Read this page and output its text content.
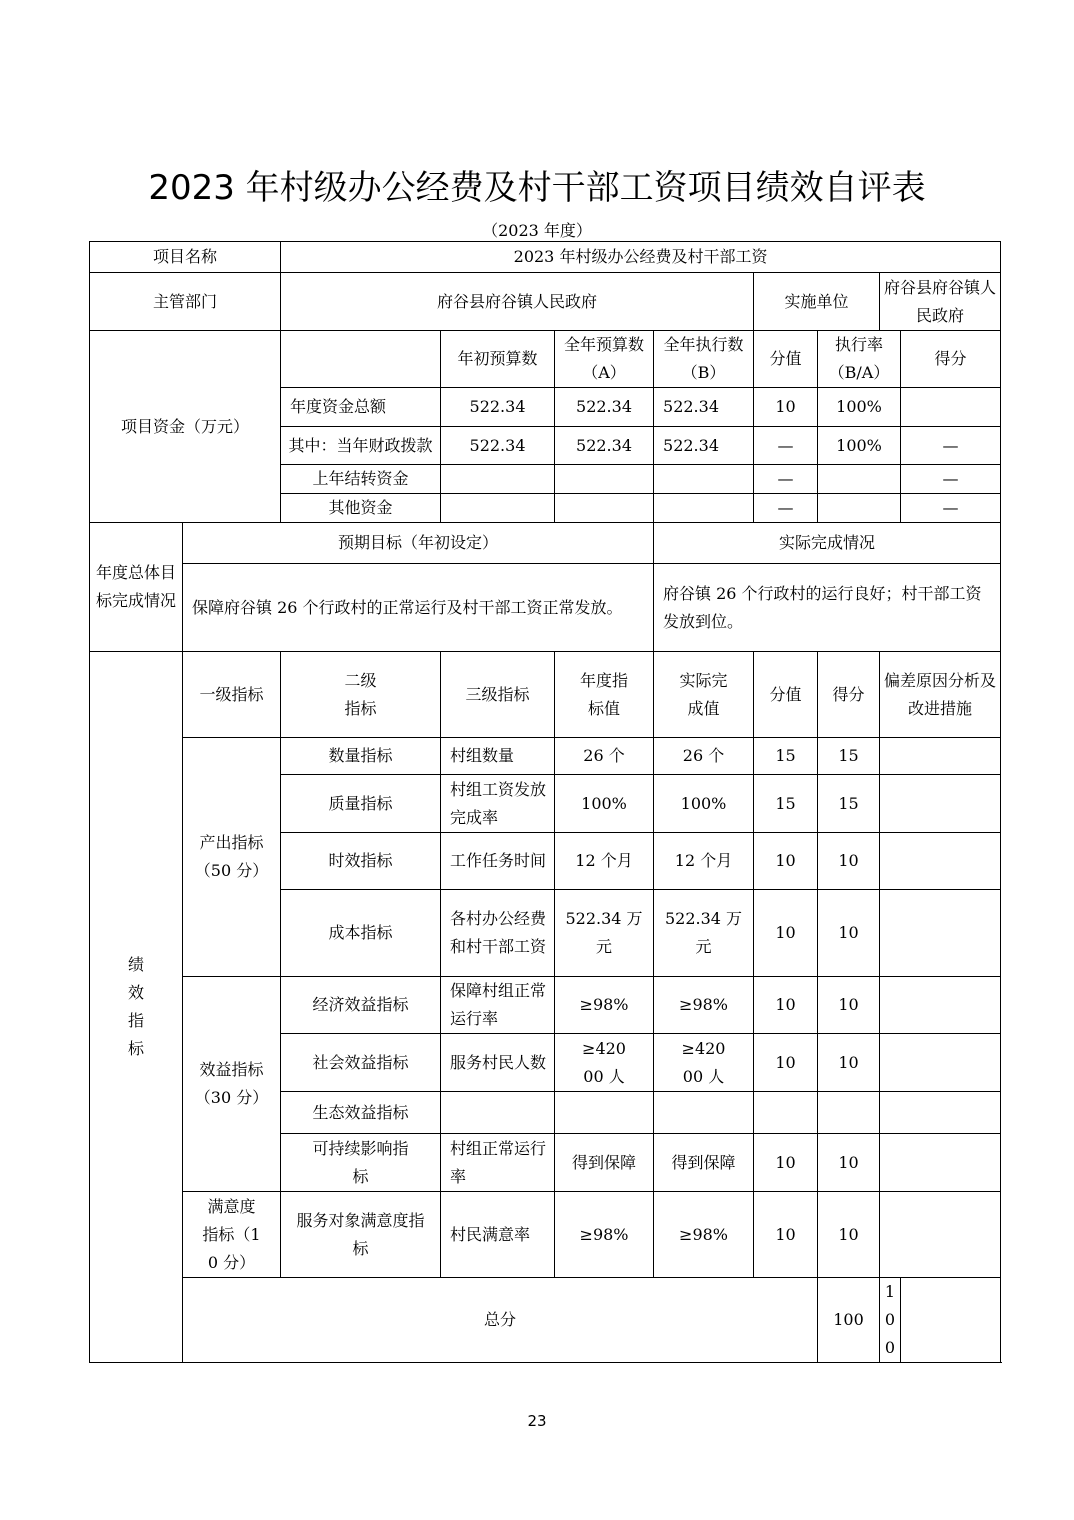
2023 年村级办公经费及村干部工资项目绩效自评表
（2023 年度）
项目名称		2023 年村级办公经费及村干部工资							
主管部门		府谷县府谷镇人民政府				实施单位		府谷县府谷镇人民政府	
项目资金（万元）			年初预算数	全年预算数（A）	全年执行数（B）	分值	执行率（B/A）		得分
		年度资金总额	522.34	522.34	522.34	10	100%		
		其中：当年财政拨款	522.34	522.34	522.34	—	100%		—
		上年结转资金				—			—
		其他资金				—			—
年度总体目标完成情况	预期目标（年初设定）				实际完成情况				
	保障府谷镇 26 个行政村的正常运行及村干部工资正常发放。				府谷镇 26 个行政村的运行良好；村干部工资发放到位。				
绩效指标	一级指标	二级指标	三级指标	年度指标值	实际完成值	分值	得分	偏差原因分析及改进措施	
	产出指标（50 分）	数量指标	村组数量	26 个	26 个	15	15		
		质量指标	村组工资发放完成率	100%	100%	15	15		
		时效指标	工作任务时间	12 个月	12 个月	10	10		
		成本指标	各村办公经费和村干部工资	522.34 万元	522.34 万元	10	10		
	效益指标（30 分）	经济效益指标	保障村组正常运行率	≥98%	≥98%	10	10		
		社会效益指标	服务村民人数	≥42000 人	≥42000 人	10	10		
		生态效益指标							
		可持续影响指标	村组正常运行率	得到保障	得到保障	10	10		
	满意度指标（10 分）	服务对象满意度指标	村民满意率	≥98%	≥98%	10	10		
	总分						100	100	
23
